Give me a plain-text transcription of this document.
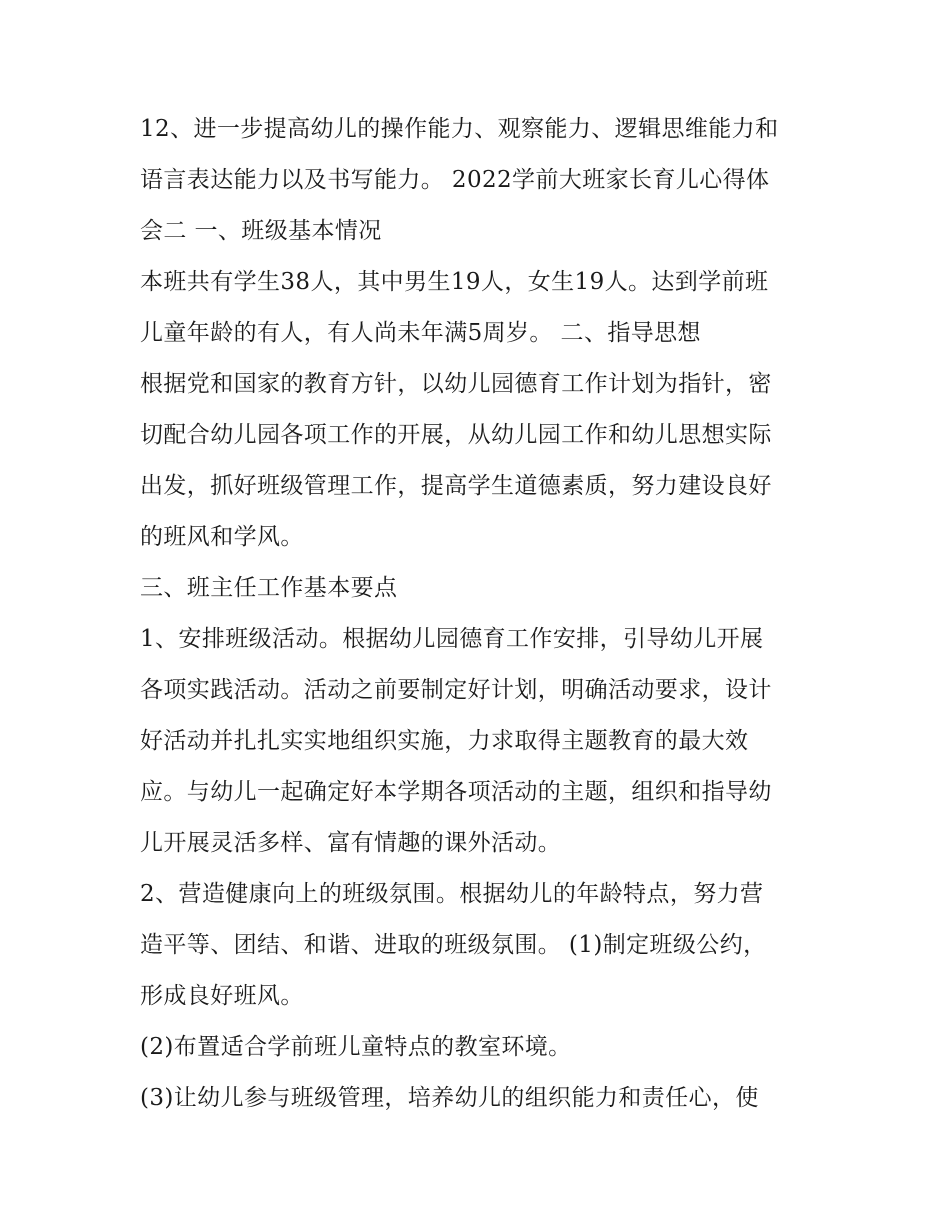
12、进一步提高幼儿的操作能力、观察能力、逻辑思维能力和
语言表达能力以及书写能力。 2022学前大班家长育儿心得体
会二 一、班级基本情况
本班共有学生38人，其中男生19人，女生19人。达到学前班
儿童年龄的有人，有人尚未年满5周岁。 二、指导思想
根据党和国家的教育方针，以幼儿园德育工作计划为指针，密
切配合幼儿园各项工作的开展，从幼儿园工作和幼儿思想实际
出发，抓好班级管理工作，提高学生道德素质，努力建设良好
的班风和学风。
三、班主任工作基本要点
1、安排班级活动。根据幼儿园德育工作安排，引导幼儿开展
各项实践活动。活动之前要制定好计划，明确活动要求，设计
好活动并扎扎实实地组织实施，力求取得主题教育的最大效
应。与幼儿一起确定好本学期各项活动的主题，组织和指导幼
儿开展灵活多样、富有情趣的课外活动。
2、营造健康向上的班级氛围。根据幼儿的年龄特点，努力营
造平等、团结、和谐、进取的班级氛围。 (1)制定班级公约，
形成良好班风。
(2)布置适合学前班儿童特点的教室环境。
(3)让幼儿参与班级管理，培养幼儿的组织能力和责任心，使
